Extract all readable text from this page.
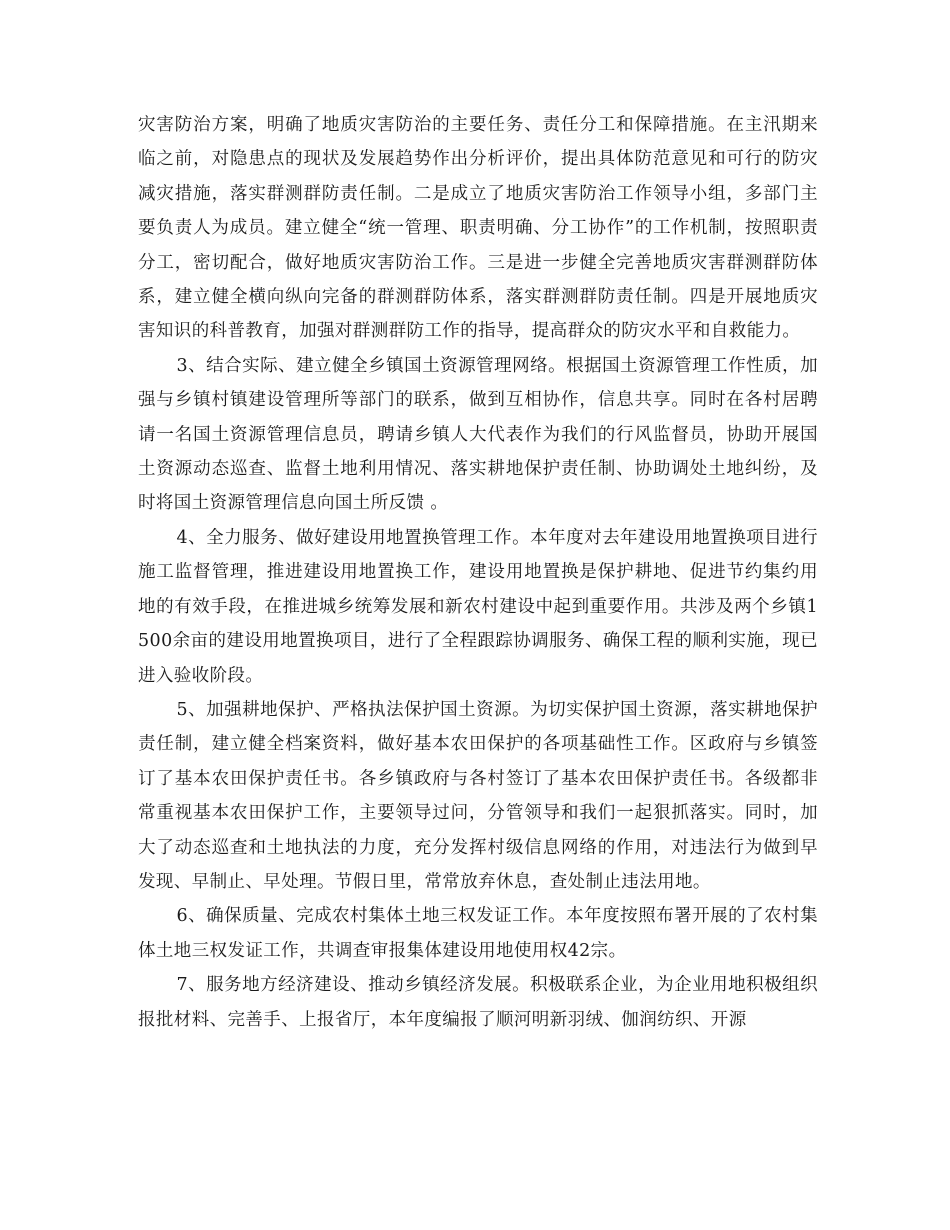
灾害防治方案，明确了地质灾害防治的主要任务、责任分工和保障措施。在主汛期来临之前，对隐患点的现状及发展趋势作出分析评价，提出具体防范意见和可行的防灾减灾措施，落实群测群防责任制。二是成立了地质灾害防治工作领导小组，多部门主要负责人为成员。建立健全“统一管理、职责明确、分工协作”的工作机制，按照职责分工，密切配合，做好地质灾害防治工作。三是进一步健全完善地质灾害群测群防体系，建立健全横向纵向完备的群测群防体系，落实群测群防责任制。四是开展地质灾害知识的科普教育，加强对群测群防工作的指导，提高群众的防灾水平和自救能力。

3、结合实际、建立健全乡镇国土资源管理网络。根据国土资源管理工作性质，加强与乡镇村镇建设管理所等部门的联系，做到互相协作，信息共享。同时在各村居聘请一名国土资源管理信息员，聘请乡镇人大代表作为我们的行风监督员，协助开展国土资源动态巡查、监督土地利用情况、落实耕地保护责任制、协助调处土地纠纷，及时将国土资源管理信息向国土所反馈 。

4、全力服务、做好建设用地置换管理工作。本年度对去年建设用地置换项目进行施工监督管理，推进建设用地置换工作，建设用地置换是保护耕地、促进节约集约用地的有效手段，在推进城乡统筹发展和新农村建设中起到重要作用。共涉及两个乡镇1500余亩的建设用地置换项目，进行了全程跟踪协调服务、确保工程的顺利实施，现已进入验收阶段。

5、加强耕地保护、严格执法保护国土资源。为切实保护国土资源，落实耕地保护责任制，建立健全档案资料，做好基本农田保护的各项基础性工作。区政府与乡镇签订了基本农田保护责任书。各乡镇政府与各村签订了基本农田保护责任书。各级都非常重视基本农田保护工作，主要领导过问，分管领导和我们一起狠抓落实。同时，加大了动态巡查和土地执法的力度，充分发挥村级信息网络的作用，对违法行为做到早发现、早制止、早处理。节假日里，常常放弃休息，查处制止违法用地。

6、确保质量、完成农村集体土地三权发证工作。本年度按照布署开展的了农村集体土地三权发证工作，共调查审报集体建设用地使用权42宗。

7、服务地方经济建设、推动乡镇经济发展。积极联系企业，为企业用地积极组织报批材料、完善手、上报省厅，本年度编报了顺河明新羽绒、伽润纺织、开源
